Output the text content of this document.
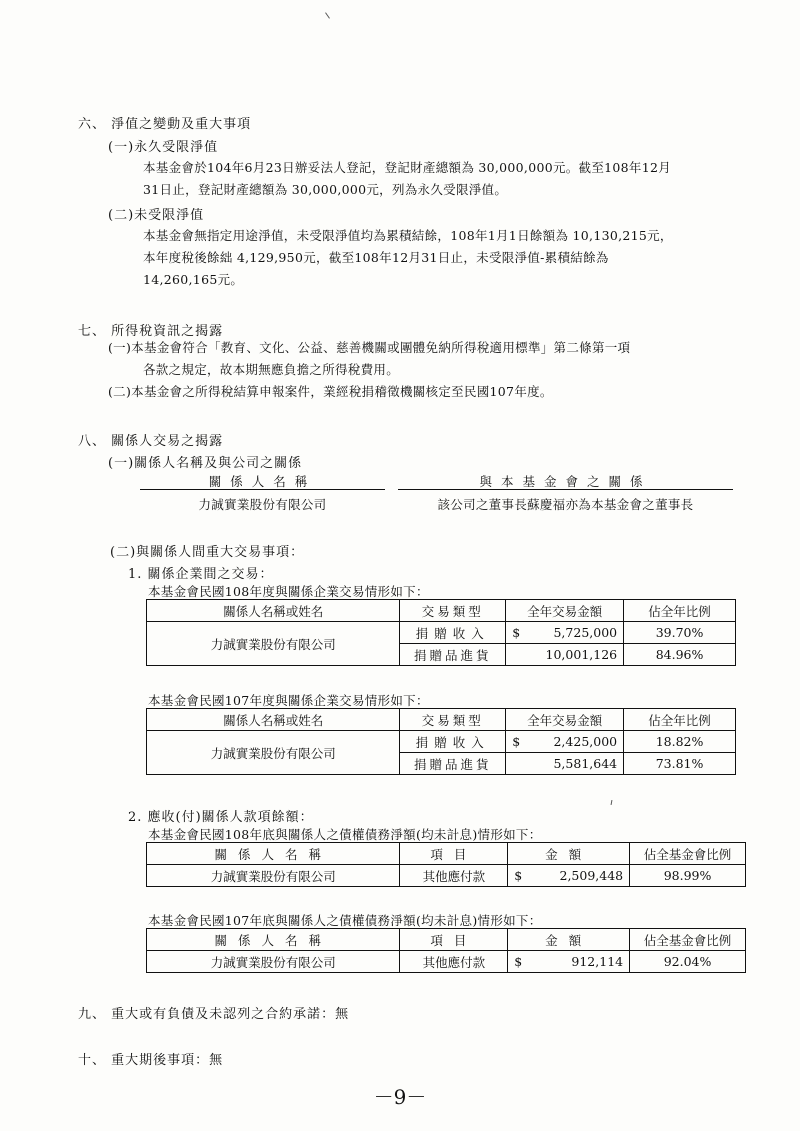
六、 淨值之變動及重大事項
(一)永久受限淨值
本基金會於104年6月23日辦妥法人登記，登記財產總額為 30,000,000元。截至108年12月
31日止，登記財產總額為 30,000,000元，列為永久受限淨值。
(二)未受限淨值
本基金會無指定用途淨值，未受限淨值均為累積結餘，108年1月1日餘額為 10,130,215元，
本年度稅後餘絀 4,129,950元，截至108年12月31日止，未受限淨值-累積結餘為
14,260,165元。
七、 所得稅資訊之揭露
(一)本基金會符合「教育、文化、公益、慈善機關或團體免納所得稅適用標準」第二條第一項
各款之規定，故本期無應負擔之所得稅費用。
(二)本基金會之所得稅結算申報案件，業經稅捐稽徵機關核定至民國107年度。
八、 關係人交易之揭露
(一)關係人名稱及與公司之關係
關係人名稱	與本基金會之關係
力誠實業股份有限公司	該公司之董事長蘇慶福亦為本基金會之董事長
(二)與關係人間重大交易事項：
1. 關係企業間之交易：
本基金會民國108年度與關係企業交易情形如下：
關係人名稱或姓名	交易類型	全年交易金額	佔全年比例
力誠實業股份有限公司	捐贈收入	$ 5,725,000	39.70%
	捐贈品進貨	10,001,126	84.96%
本基金會民國107年度與關係企業交易情形如下：
關係人名稱或姓名	交易類型	全年交易金額	佔全年比例
力誠實業股份有限公司	捐贈收入	$ 2,425,000	18.82%
	捐贈品進貨	5,581,644	73.81%
2. 應收(付)關係人款項餘額：
本基金會民國108年底與關係人之債權債務淨額(均未計息)情形如下：
關係人名稱	項目	金額	佔全基金會比例
力誠實業股份有限公司	其他應付款	$ 2,509,448	98.99%
本基金會民國107年底與關係人之債權債務淨額(均未計息)情形如下：
關係人名稱	項目	金額	佔全基金會比例
力誠實業股份有限公司	其他應付款	$ 912,114	92.04%
九、 重大或有負債及未認列之合約承諾：無
十、 重大期後事項：無
－9－
